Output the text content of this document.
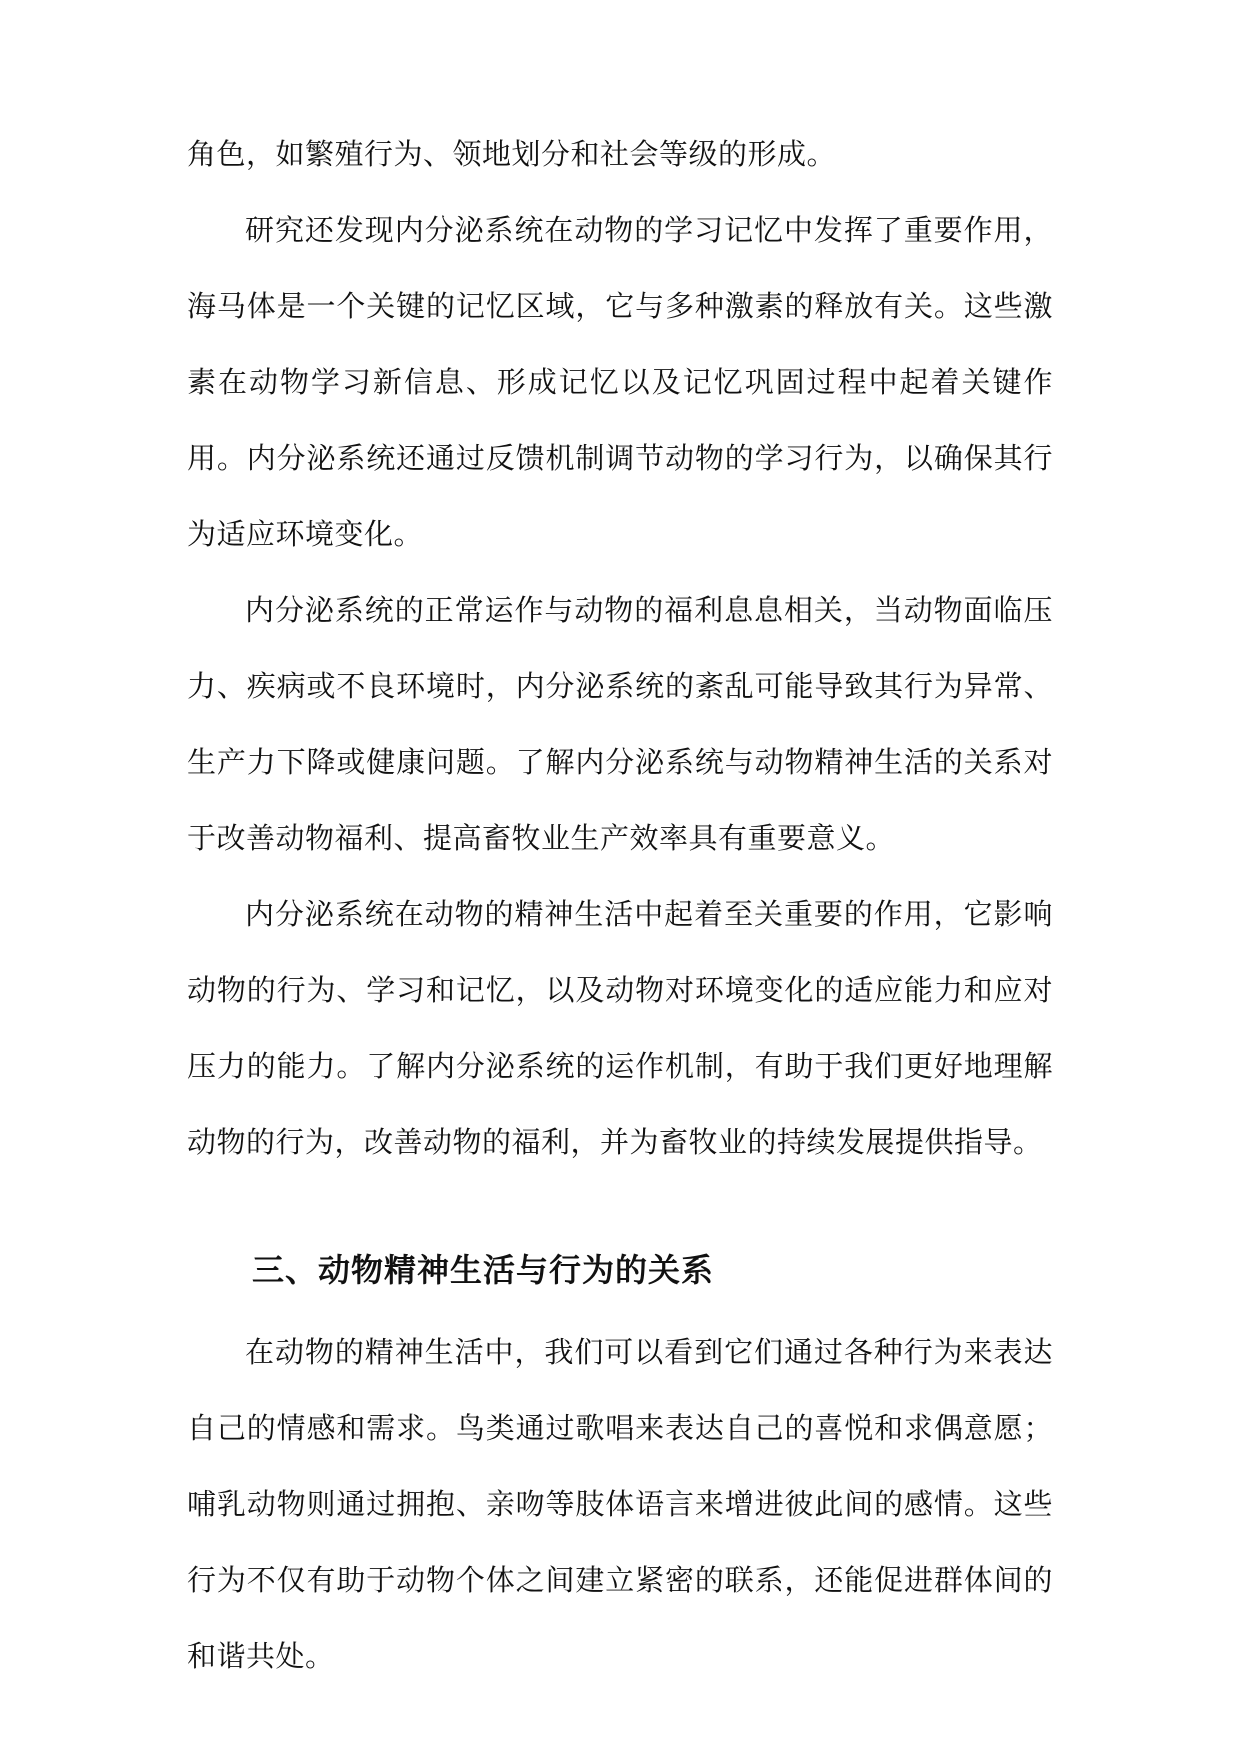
角色，如繁殖行为、领地划分和社会等级的形成。

研究还发现内分泌系统在动物的学习记忆中发挥了重要作用，海马体是一个关键的记忆区域，它与多种激素的释放有关。这些激素在动物学习新信息、形成记忆以及记忆巩固过程中起着关键作用。内分泌系统还通过反馈机制调节动物的学习行为，以确保其行为适应环境变化。

内分泌系统的正常运作与动物的福利息息相关，当动物面临压力、疾病或不良环境时，内分泌系统的紊乱可能导致其行为异常、生产力下降或健康问题。了解内分泌系统与动物精神生活的关系对于改善动物福利、提高畜牧业生产效率具有重要意义。

内分泌系统在动物的精神生活中起着至关重要的作用，它影响动物的行为、学习和记忆，以及动物对环境变化的适应能力和应对压力的能力。了解内分泌系统的运作机制，有助于我们更好地理解动物的行为，改善动物的福利，并为畜牧业的持续发展提供指导。

三、动物精神生活与行为的关系

在动物的精神生活中，我们可以看到它们通过各种行为来表达自己的情感和需求。鸟类通过歌唱来表达自己的喜悦和求偶意愿；哺乳动物则通过拥抱、亲吻等肢体语言来增进彼此间的感情。这些行为不仅有助于动物个体之间建立紧密的联系，还能促进群体间的和谐共处。
